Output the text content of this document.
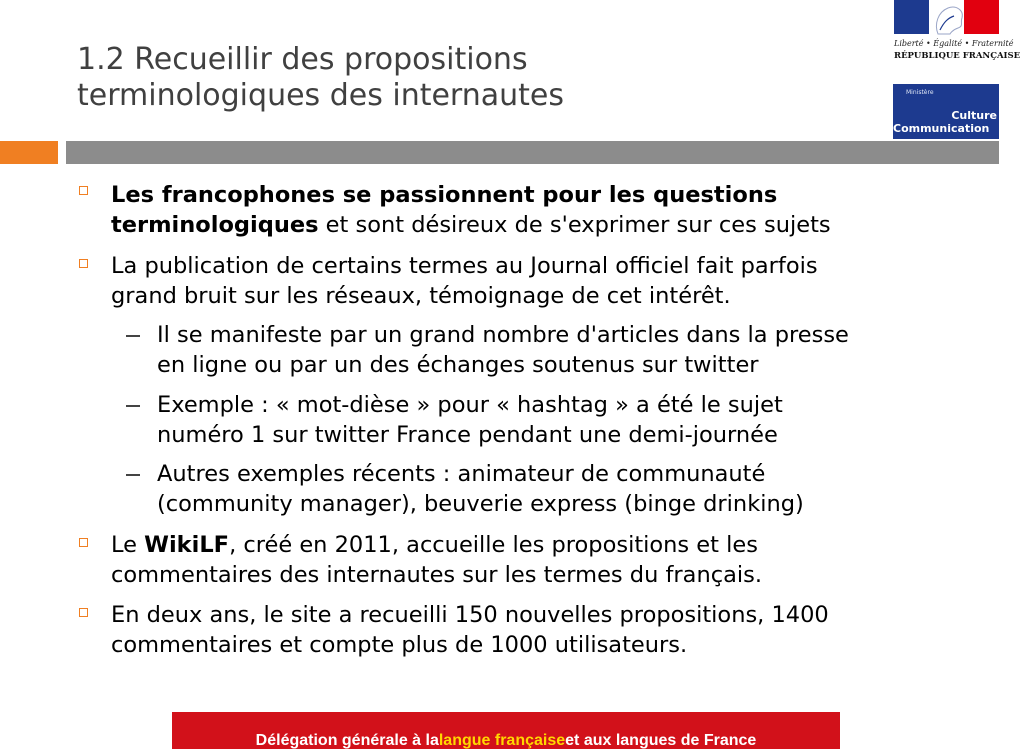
1.2 Recueillir des propositions
terminologiques des internautes
Liberté • Égalité • Fraternité
RÉPUBLIQUE FRANÇAISE
Ministère
Culture
Communication
Les francophones se passionnent pour les questions
terminologiques et sont désireux de s'exprimer sur ces sujets
La publication de certains termes au Journal officiel fait parfois
grand bruit sur les réseaux, témoignage de cet intérêt.
Il se manifeste par un grand nombre d'articles dans la presse
en ligne ou par un des échanges soutenus sur twitter
Exemple : « mot-dièse » pour « hashtag » a été le sujet
numéro 1 sur twitter France pendant une demi-journée
Autres exemples récents : animateur de communauté
(community manager), beuverie express (binge drinking)
Le WikiLF, créé en 2011, accueille les propositions et les
commentaires des internautes sur les termes du français.
En deux ans, le site a recueilli 150 nouvelles propositions, 1400
commentaires et compte plus de 1000 utilisateurs.
Délégation générale à lalangue françaiseet aux langues de France
